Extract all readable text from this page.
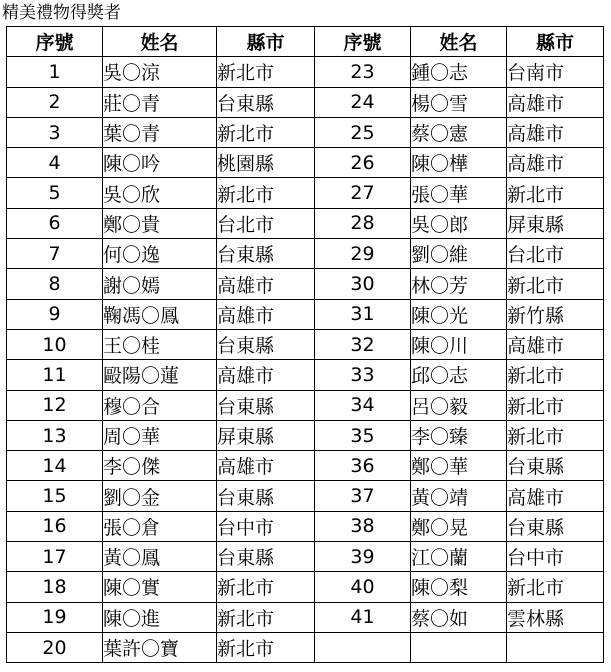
精美禮物得獎者
序號	姓名	縣市	序號	姓名	縣市
1	吳〇涼	新北市	23	鍾〇志	台南市
2	莊〇青	台東縣	24	楊〇雪	高雄市
3	葉〇青	新北市	25	蔡〇憲	高雄市
4	陳〇吟	桃園縣	26	陳〇樺	高雄市
5	吳〇欣	新北市	27	張〇華	新北市
6	鄭〇貴	台北市	28	吳〇郎	屏東縣
7	何〇逸	台東縣	29	劉〇維	台北市
8	謝〇嫣	高雄市	30	林〇芳	新北市
9	鞠馮〇鳳	高雄市	31	陳〇光	新竹縣
10	王〇桂	台東縣	32	陳〇川	高雄市
11	毆陽〇蓮	高雄市	33	邱〇志	新北市
12	穆〇合	台東縣	34	呂〇毅	新北市
13	周〇華	屏東縣	35	李〇臻	新北市
14	李〇傑	高雄市	36	鄭〇華	台東縣
15	劉〇金	台東縣	37	黃〇靖	高雄市
16	張〇倉	台中市	38	鄭〇晃	台東縣
17	黃〇鳳	台東縣	39	江〇蘭	台中市
18	陳〇實	新北市	40	陳〇梨	新北市
19	陳〇進	新北市	41	蔡〇如	雲林縣
20	葉許〇寶	新北市			
